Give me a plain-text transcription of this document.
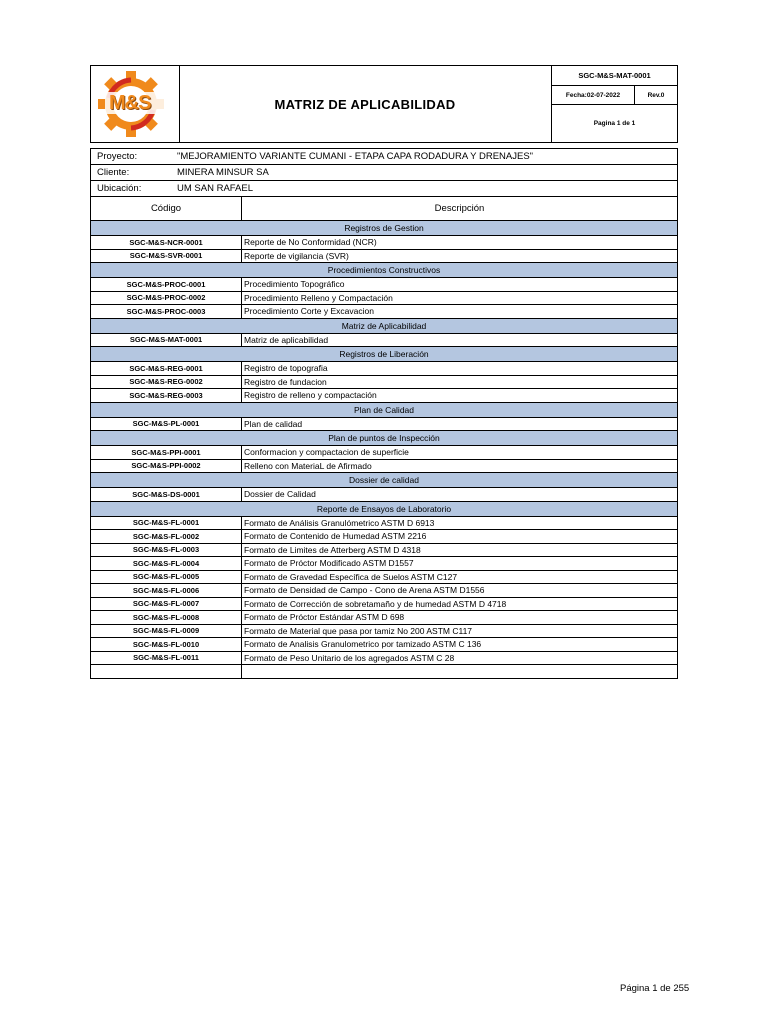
M&S	MATRIZ DE APLICABILIDAD
SGC-M&S-MAT-0001
Fecha:02-07-2022	Rev.0
Pagina 1 de 1
Proyecto:	"MEJORAMIENTO VARIANTE CUMANI - ETAPA CAPA RODADURA Y DRENAJES"
Cliente:	MINERA MINSUR SA
Ubicación:	UM SAN RAFAEL
Código	Descripción
Registros de Gestion
SGC-M&S-NCR-0001	Reporte de No Conformidad (NCR)
SGC-M&S-SVR-0001	Reporte de vigilancia (SVR)
Procedimientos Constructivos
SGC-M&S-PROC-0001	Procedimiento Topográfico
SGC-M&S-PROC-0002	Procedimiento Relleno y Compactación
SGC-M&S-PROC-0003	Procedimiento Corte y Excavacion
Matriz de Aplicabilidad
SGC-M&S-MAT-0001	Matriz de aplicabilidad
Registros de Liberación
SGC-M&S-REG-0001	Registro de topografia
SGC-M&S-REG-0002	Registro de fundacion
SGC-M&S-REG-0003	Registro de relleno y compactación
Plan de Calidad
SGC-M&S-PL-0001	Plan de calidad
Plan de puntos de Inspección
SGC-M&S-PPI-0001	Conformacion y compactacion de superficie
SGC-M&S-PPI-0002	Relleno con MateriaL de Afirmado
Dossier de calidad
SGC-M&S-DS-0001	Dossier de Calidad
Reporte de Ensayos de Laboratorio
SGC-M&S-FL-0001	Formato de Análisis Granulómetrico ASTM D 6913
SGC-M&S-FL-0002	Formato de Contenido de Humedad ASTM 2216
SGC-M&S-FL-0003	Formato de Limites de Atterberg ASTM D 4318
SGC-M&S-FL-0004	Formato de Próctor Modificado ASTM D1557
SGC-M&S-FL-0005	Formato de Gravedad Específica de Suelos ASTM C127
SGC-M&S-FL-0006	Formato de Densidad de Campo - Cono de Arena ASTM D1556
SGC-M&S-FL-0007	Formato de Corrección de sobretamaño y de humedad ASTM D 4718
SGC-M&S-FL-0008	Formato de Próctor Estándar ASTM D 698
SGC-M&S-FL-0009	Formato de Material que pasa por tamiz No 200 ASTM C117
SGC-M&S-FL-0010	Formato de Analisis Granulometrico por tamizado ASTM C 136
SGC-M&S-FL-0011	Formato de Peso Unitario de los agregados ASTM C 28
Página 1 de 255
